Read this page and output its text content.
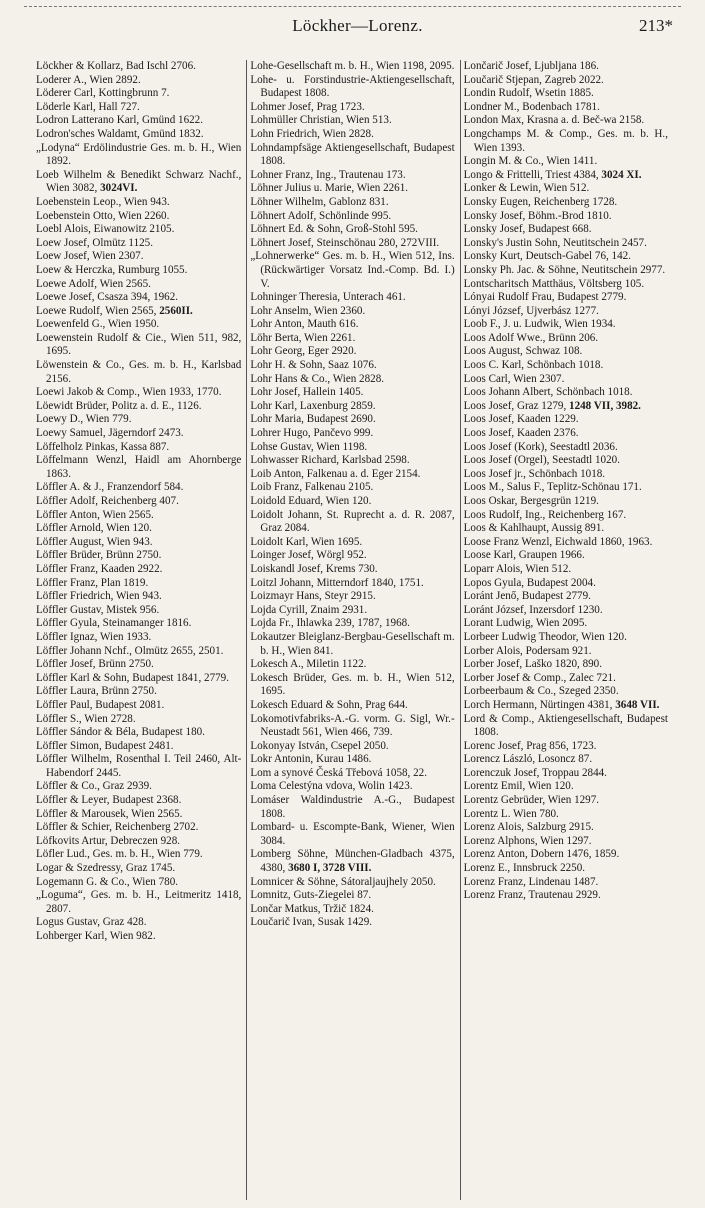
Löckher—Lorenz.	213*
Löckher & Kollarz, Bad Ischl 2706.
Loderer A., Wien 2892.
Löderer Carl, Kottingbrunn 7.
Löderle Karl, Hall 727.
Lodron Latterano Karl, Gmünd 1622.
Lodron'sches Waldamt, Gmünd 1832.
„Lodyna“ Erdölindustrie Ges. m. b. H., Wien 1892.
Loeb Wilhelm & Benedikt Schwarz Nachf., Wien 3082, 3024VI.
Loebenstein Leop., Wien 943.
Loebenstein Otto, Wien 2260.
Loebl Alois, Eiwanowitz 2105.
Loew Josef, Olmütz 1125.
Loew Josef, Wien 2307.
Loew & Herczka, Rumburg 1055.
Loewe Adolf, Wien 2565.
Loewe Josef, Csasza 394, 1962.
Loewe Rudolf, Wien 2565, 2560II.
Loewenfeld G., Wien 1950.
Loewenstein Rudolf & Cie., Wien 511, 982, 1695.
Löwenstein & Co., Ges. m. b. H., Karlsbad 2156.
Loewi Jakob & Comp., Wien 1933, 1770.
Löewidt Brüder, Politz a. d. E., 1126.
Loewy D., Wien 779.
Loewy Samuel, Jägerndorf 2473.
Löffelholz Pinkas, Kassa 887.
Löffelmann Wenzl, Haidl am Ahornberge 1863.
Löffler A. & J., Franzendorf 584.
Löffler Adolf, Reichenberg 407.
Löffler Anton, Wien 2565.
Löffler Arnold, Wien 120.
Löffler August, Wien 943.
Löffler Brüder, Brünn 2750.
Löffler Franz, Kaaden 2922.
Löffler Franz, Plan 1819.
Löffler Friedrich, Wien 943.
Löffler Gustav, Mistek 956.
Löffler Gyula, Steinamanger 1816.
Löffler Ignaz, Wien 1933.
Löffler Johann Nchf., Olmütz 2655, 2501.
Löffler Josef, Brünn 2750.
Löffler Karl & Sohn, Budapest 1841, 2779.
Löffler Laura, Brünn 2750.
Löffler Paul, Budapest 2081.
Löffler S., Wien 2728.
Löffler Sándor & Béla, Budapest 180.
Löffler Simon, Budapest 2481.
Löffler Wilhelm, Rosenthal I. Teil 2460, Alt-Habendorf 2445.
Löffler & Co., Graz 2939.
Löffler & Leyer, Budapest 2368.
Löffler & Marousek, Wien 2565.
Löffler & Schier, Reichenberg 2702.
Löfkovits Artur, Debreczen 928.
Löfler Lud., Ges. m. b. H., Wien 779.
Logar & Szedressy, Graz 1745.
Logemann G. & Co., Wien 780.
„Loguma“, Ges. m. b. H., Leitmeritz 1418, 2807.
Logus Gustav, Graz 428.
Lohberger Karl, Wien 982.
Lohe-Gesellschaft m. b. H., Wien 1198, 2095.
Lohe- u. Forstindustrie-Aktiengesellschaft, Budapest 1808.
Lohmer Josef, Prag 1723.
Lohmüller Christian, Wien 513.
Lohn Friedrich, Wien 2828.
Lohndampfsäge Aktiengesellschaft, Budapest 1808.
Lohner Franz, Ing., Trautenau 173.
Löhner Julius u. Marie, Wien 2261.
Löhner Wilhelm, Gablonz 831.
Löhnert Adolf, Schönlinde 995.
Löhnert Ed. & Sohn, Groß-Stohl 595.
Löhnert Josef, Steinschönau 280, 272VIII.
„Lohnerwerke“ Ges. m. b. H., Wien 512, Ins. (Rückwärtiger Vorsatz Ind.-Comp. Bd. I.) V.
Lohninger Theresia, Unterach 461.
Lohr Anselm, Wien 2360.
Lohr Anton, Mauth 616.
Löhr Berta, Wien 2261.
Lohr Georg, Eger 2920.
Lohr H. & Sohn, Saaz 1076.
Lohr Hans & Co., Wien 2828.
Lohr Josef, Hallein 1405.
Lohr Karl, Laxenburg 2859.
Lohr Maria, Budapest 2690.
Lohrer Hugo, Pančevo 999.
Lohse Gustav, Wien 1198.
Lohwasser Richard, Karlsbad 2598.
Loib Anton, Falkenau a. d. Eger 2154.
Loib Franz, Falkenau 2105.
Loidold Eduard, Wien 120.
Loidolt Johann, St. Ruprecht a. d. R. 2087, Graz 2084.
Loidolt Karl, Wien 1695.
Loinger Josef, Wörgl 952.
Loiskandl Josef, Krems 730.
Loitzl Johann, Mitterndorf 1840, 1751.
Loizmayr Hans, Steyr 2915.
Lojda Cyrill, Znaim 2931.
Lojda Fr., Ihlawka 239, 1787, 1968.
Lokautzer Bleiglanz-Bergbau-Gesellschaft m. b. H., Wien 841.
Lokesch A., Miletin 1122.
Lokesch Brüder, Ges. m. b. H., Wien 512, 1695.
Lokesch Eduard & Sohn, Prag 644.
Lokomotivfabriks-A.-G. vorm. G. Sigl, Wr.-Neustadt 561, Wien 466, 739.
Lokonyay István, Csepel 2050.
Lokr Antonin, Kurau 1486.
Lom a synové Česká Třebová 1058, 22.
Loma Celestýna vdova, Wolin 1423.
Lomáser Waldindustrie A.-G., Budapest 1808.
Lombard- u. Escompte-Bank, Wiener, Wien 3084.
Lomberg Söhne, München-Gladbach 4375, 4380, 3680 I, 3728 VIII.
Lomnicer & Söhne, Sátoraljaujhely 2050.
Lomnitz, Guts-Ziegelei 87.
Lončar Matkus, Tržič 1824.
Loučarič Ivan, Susak 1429.
Lončarič Josef, Ljubljana 186.
Loučarič Stjepan, Zagreb 2022.
Londin Rudolf, Wsetin 1885.
Londner M., Bodenbach 1781.
London Max, Krasna a. d. Beč-wa 2158.
Longchamps M. & Comp., Ges. m. b. H., Wien 1393.
Longin M. & Co., Wien 1411.
Longo & Frittelli, Triest 4384, 3024 XI.
Lonker & Lewin, Wien 512.
Lonsky Eugen, Reichenberg 1728.
Lonsky Josef, Böhm.-Brod 1810.
Lonsky Josef, Budapest 668.
Lonsky's Justin Sohn, Neutitschein 2457.
Lonsky Kurt, Deutsch-Gabel 76, 142.
Lonsky Ph. Jac. & Söhne, Neutitschein 2977.
Lontscharitsch Matthäus, Völtsberg 105.
Lónyai Rudolf Frau, Budapest 2779.
Lónyi József, Ujverbász 1277.
Loob F., J. u. Ludwik, Wien 1934.
Loos Adolf Wwe., Brünn 206.
Loos August, Schwaz 108.
Loos C. Karl, Schönbach 1018.
Loos Carl, Wien 2307.
Loos Johann Albert, Schönbach 1018.
Loos Josef, Graz 1279, 1248 VII, 3982.
Loos Josef, Kaaden 1229.
Loos Josef, Kaaden 2376.
Loos Josef (Kork), Seestadtl 2036.
Loos Josef (Orgel), Seestadtl 1020.
Loos Josef jr., Schönbach 1018.
Loos M., Salus F., Teplitz-Schönau 171.
Loos Oskar, Bergesgrün 1219.
Loos Rudolf, Ing., Reichenberg 167.
Loos & Kahlhaupt, Aussig 891.
Loose Franz Wenzl, Eichwald 1860, 1963.
Loose Karl, Graupen 1966.
Loparr Alois, Wien 512.
Lopos Gyula, Budapest 2004.
Loránt Jenő, Budapest 2779.
Loránt József, Inzersdorf 1230.
Lorant Ludwig, Wien 2095.
Lorbeer Ludwig Theodor, Wien 120.
Lorber Alois, Podersam 921.
Lorber Josef, Laško 1820, 890.
Lorber Josef & Comp., Zalec 721.
Lorbeerbaum & Co., Szeged 2350.
Lorch Hermann, Nürtingen 4381, 3648 VII.
Lord & Comp., Aktiengesellschaft, Budapest 1808.
Lorenc Josef, Prag 856, 1723.
Lorencz László, Losoncz 87.
Lorenczuk Josef, Troppau 2844.
Lorentz Emil, Wien 120.
Lorentz Gebrüder, Wien 1297.
Lorentz L. Wien 780.
Lorenz Alois, Salzburg 2915.
Lorenz Alphons, Wien 1297.
Lorenz Anton, Dobern 1476, 1859.
Lorenz E., Innsbruck 2250.
Lorenz Franz, Lindenau 1487.
Lorenz Franz, Trautenau 2929.
